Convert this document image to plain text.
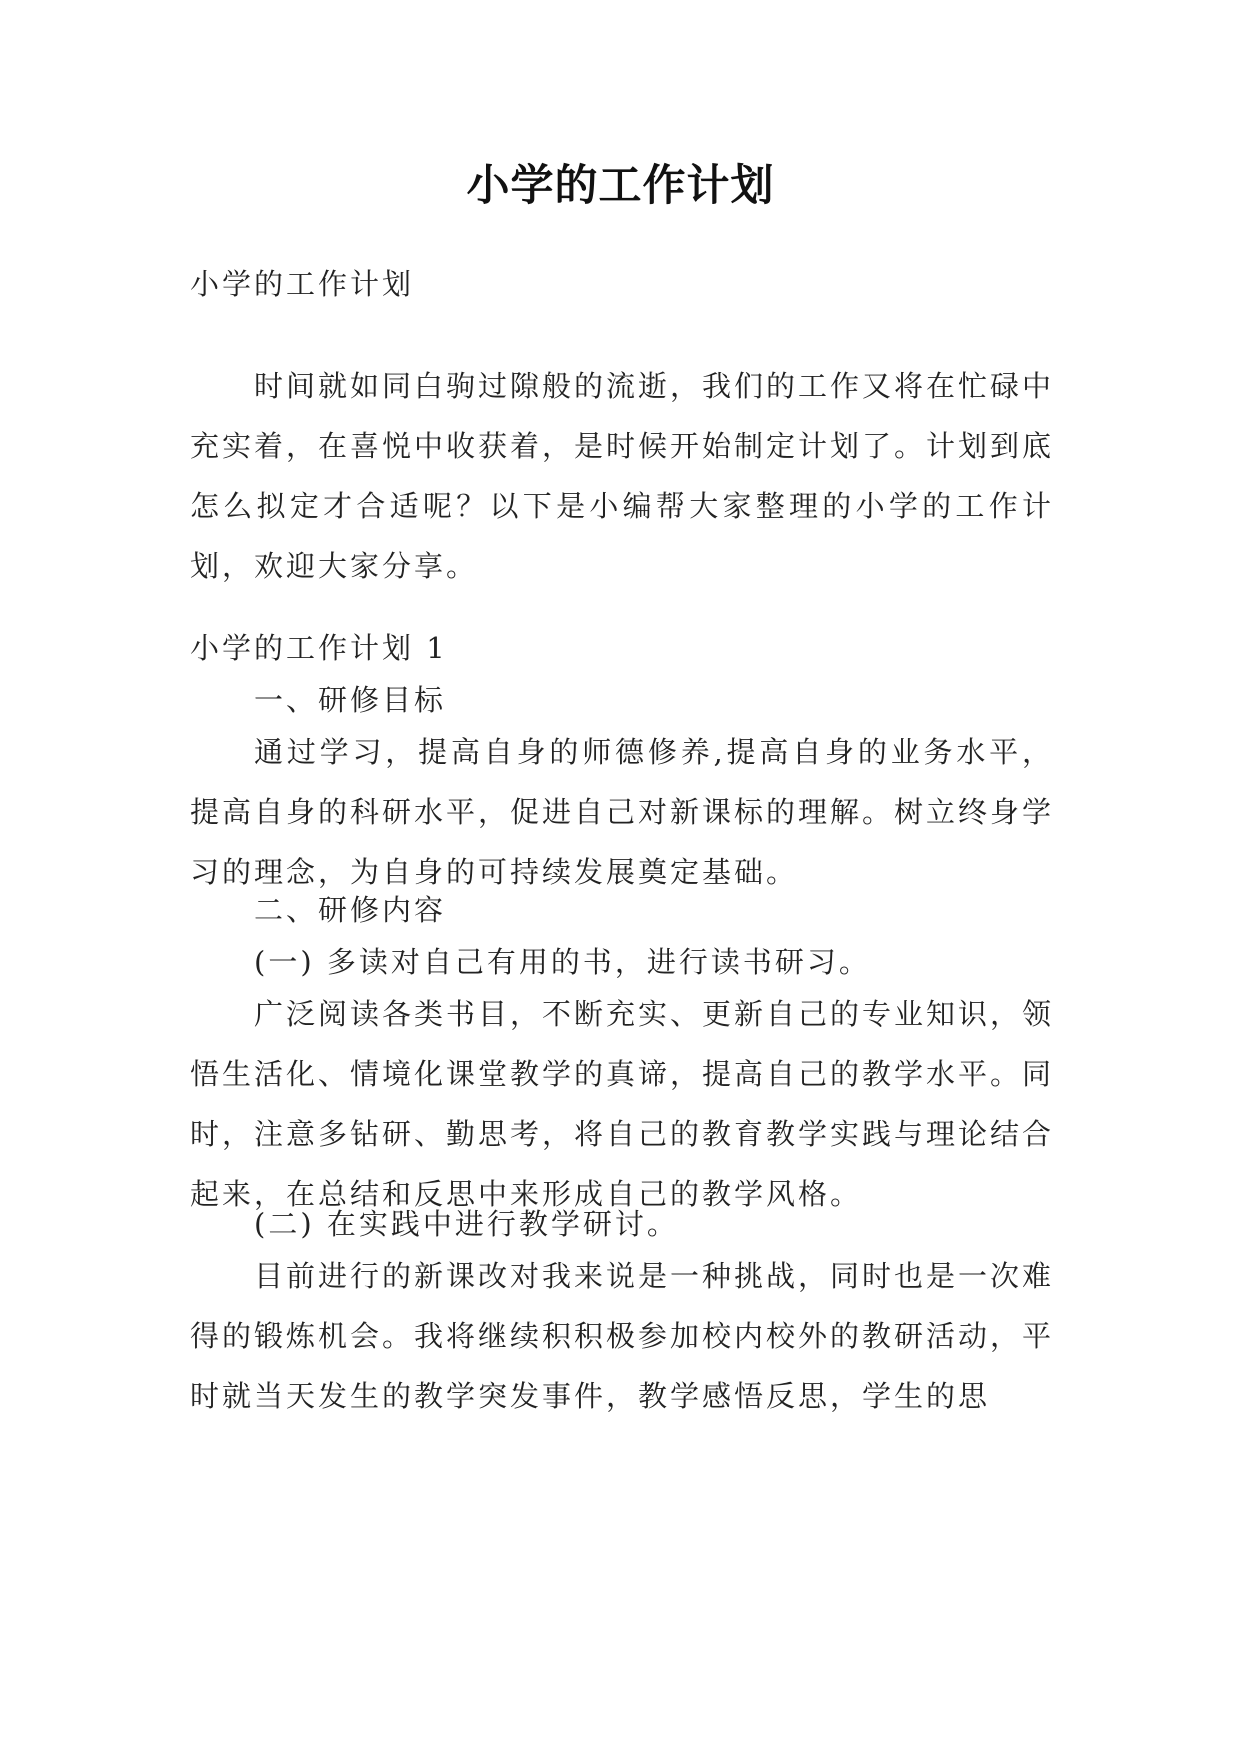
小学的工作计划
小学的工作计划
时间就如同白驹过隙般的流逝，我们的工作又将在忙碌中充实着，在喜悦中收获着，是时候开始制定计划了。计划到底怎么拟定才合适呢？以下是小编帮大家整理的小学的工作计划，欢迎大家分享。
小学的工作计划 1
一、研修目标
通过学习，提高自身的师德修养,提高自身的业务水平，提高自身的科研水平，促进自己对新课标的理解。树立终身学习的理念，为自身的可持续发展奠定基础。
二、研修内容
(一) 多读对自己有用的书，进行读书研习。
广泛阅读各类书目，不断充实、更新自己的专业知识，领悟生活化、情境化课堂教学的真谛，提高自己的教学水平。同时，注意多钻研、勤思考，将自己的教育教学实践与理论结合起来，在总结和反思中来形成自己的教学风格。
(二) 在实践中进行教学研讨。
目前进行的新课改对我来说是一种挑战，同时也是一次难得的锻炼机会。我将继续积积极参加校内校外的教研活动，平时就当天发生的教学突发事件，教学感悟反思，学生的思
